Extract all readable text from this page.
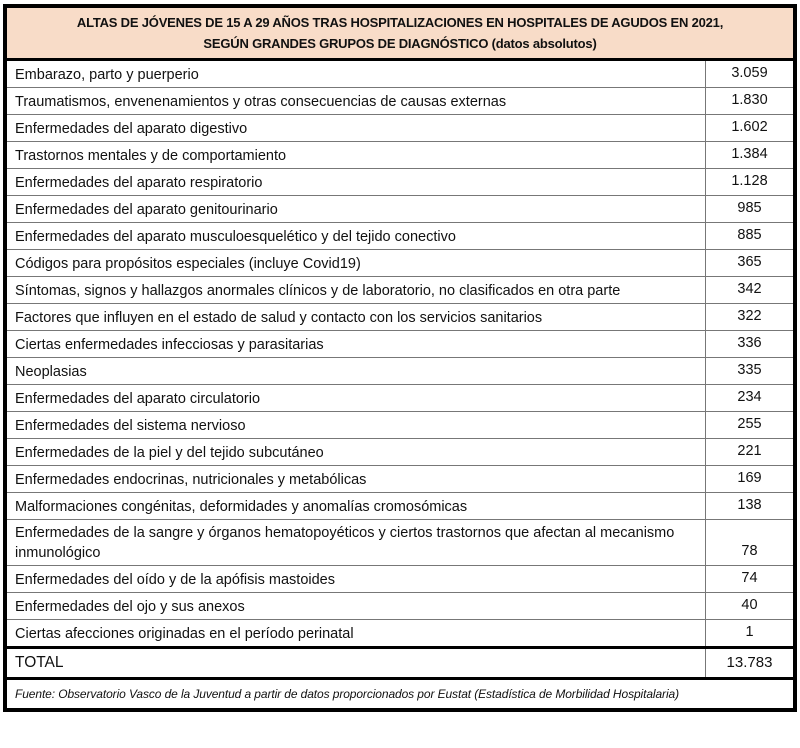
ALTAS DE JÓVENES DE 15 A 29 AÑOS TRAS HOSPITALIZACIONES EN HOSPITALES DE AGUDOS EN 2021,
SEGÚN GRANDES GRUPOS DE DIAGNÓSTICO (datos absolutos)
Embarazo, parto y puerperio	3.059
Traumatismos, envenenamientos y otras consecuencias de causas externas	1.830
Enfermedades del aparato digestivo	1.602
Trastornos mentales y de comportamiento	1.384
Enfermedades del aparato respiratorio	1.128
Enfermedades del aparato genitourinario	985
Enfermedades del aparato musculoesquelético y del tejido conectivo	885
Códigos para propósitos especiales (incluye Covid19)	365
Síntomas, signos y hallazgos anormales clínicos y de laboratorio, no clasificados en otra parte	342
Factores que influyen en el estado de salud y contacto con los servicios sanitarios	322
Ciertas enfermedades infecciosas y parasitarias	336
Neoplasias	335
Enfermedades del aparato circulatorio	234
Enfermedades del sistema nervioso	255
Enfermedades de la piel y del tejido subcutáneo	221
Enfermedades endocrinas, nutricionales y metabólicas	169
Malformaciones congénitas, deformidades y anomalías cromosómicas	138
Enfermedades de la sangre y órganos hematopoyéticos y ciertos trastornos que afectan al mecanismo inmunológico	78
Enfermedades del oído y de la apófisis mastoides	74
Enfermedades del ojo y sus anexos	40
Ciertas afecciones originadas en el período perinatal	1
TOTAL	13.783
Fuente: Observatorio Vasco de la Juventud a partir de datos proporcionados por Eustat (Estadística de Morbilidad Hospitalaria)
